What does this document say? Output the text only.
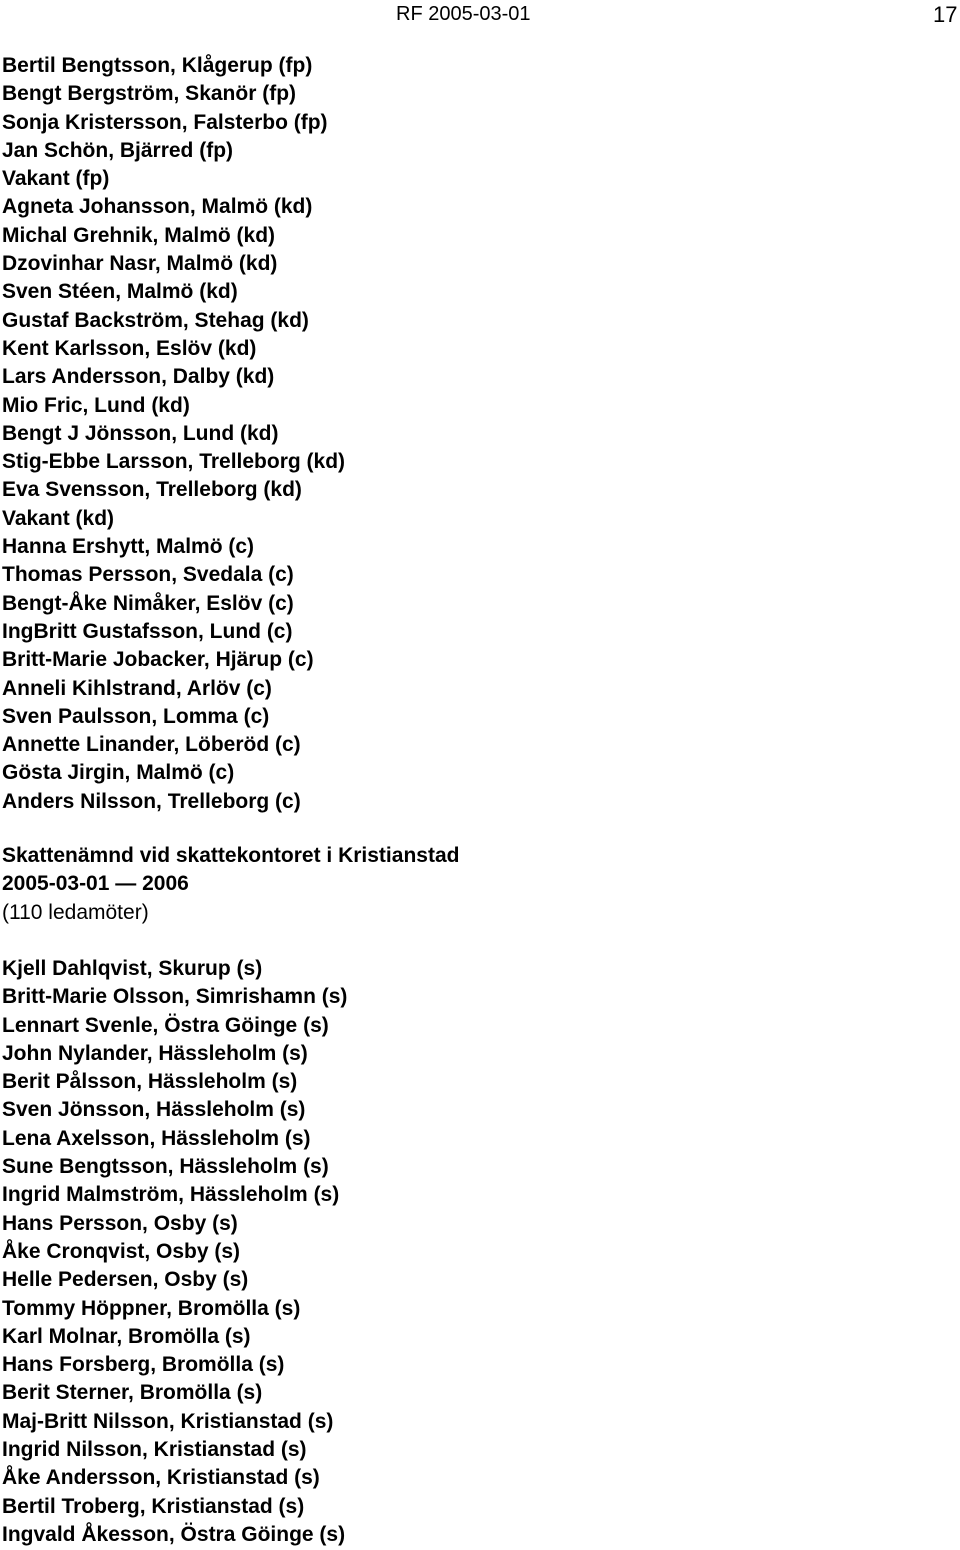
RF 2005-03-01	17
Bertil Bengtsson, Klågerup (fp)
Bengt Bergström, Skanör (fp)
Sonja Kristersson, Falsterbo (fp)
Jan Schön, Bjärred (fp)
Vakant (fp)
Agneta Johansson, Malmö (kd)
Michal Grehnik, Malmö (kd)
Dzovinhar Nasr, Malmö (kd)
Sven Stéen, Malmö (kd)
Gustaf Backström, Stehag (kd)
Kent Karlsson, Eslöv (kd)
Lars Andersson, Dalby (kd)
Mio Fric, Lund (kd)
Bengt J Jönsson, Lund (kd)
Stig-Ebbe Larsson, Trelleborg (kd)
Eva Svensson, Trelleborg (kd)
Vakant (kd)
Hanna Ershytt, Malmö (c)
Thomas Persson, Svedala (c)
Bengt-Åke Nimåker, Eslöv (c)
IngBritt Gustafsson, Lund (c)
Britt-Marie Jobacker, Hjärup (c)
Anneli Kihlstrand, Arlöv (c)
Sven Paulsson, Lomma (c)
Annette Linander, Löberöd (c)
Gösta Jirgin, Malmö (c)
Anders Nilsson, Trelleborg (c)
Skattenämnd vid skattekontoret i Kristianstad
2005-03-01 — 2006
(110 ledamöter)
Kjell Dahlqvist, Skurup (s)
Britt-Marie Olsson, Simrishamn (s)
Lennart Svenle, Östra Göinge (s)
John Nylander, Hässleholm (s)
Berit Pålsson, Hässleholm (s)
Sven Jönsson, Hässleholm (s)
Lena Axelsson, Hässleholm (s)
Sune Bengtsson, Hässleholm (s)
Ingrid Malmström, Hässleholm (s)
Hans Persson, Osby (s)
Åke Cronqvist, Osby (s)
Helle Pedersen, Osby (s)
Tommy Höppner, Bromölla (s)
Karl Molnar, Bromölla (s)
Hans Forsberg, Bromölla (s)
Berit Sterner, Bromölla (s)
Maj-Britt Nilsson, Kristianstad (s)
Ingrid Nilsson, Kristianstad (s)
Åke Andersson, Kristianstad (s)
Bertil Troberg, Kristianstad (s)
Ingvald Åkesson, Östra Göinge (s)
